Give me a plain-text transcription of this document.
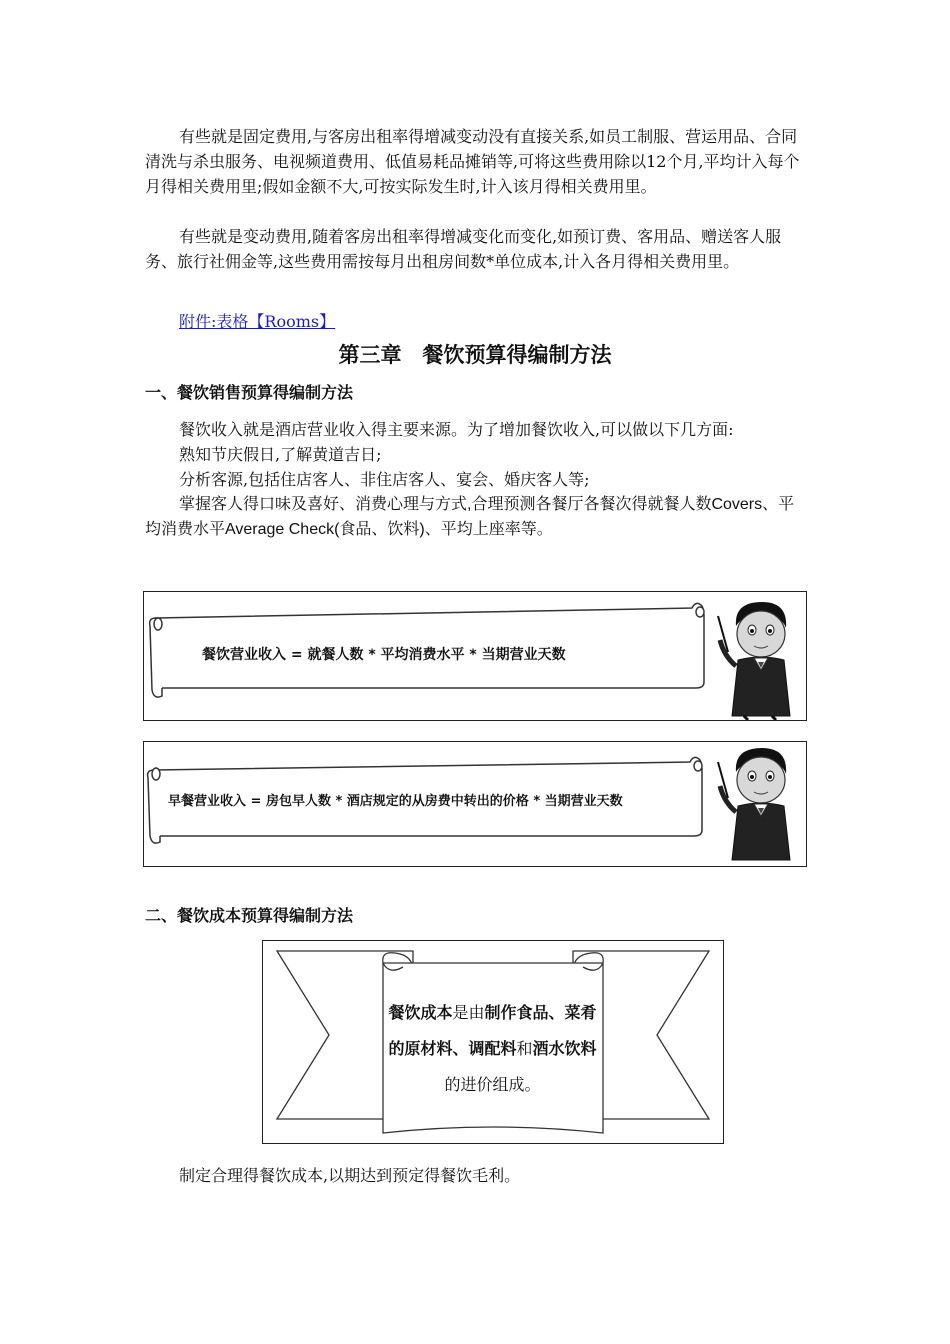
有些就是固定费用,与客房出租率得增减变动没有直接关系,如员工制服、营运用品、合同清洗与杀虫服务、电视频道费用、低值易耗品摊销等,可将这些费用除以12个月,平均计入每个月得相关费用里;假如金额不大,可按实际发生时,计入该月得相关费用里。

有些就是变动费用,随着客房出租率得增减变化而变化,如预订费、客用品、赠送客人服务、旅行社佣金等,这些费用需按每月出租房间数*单位成本,计入各月得相关费用里。

附件:表格【Rooms】
第三章　餐饮预算得编制方法
一、餐饮销售预算得编制方法

餐饮收入就是酒店营业收入得主要来源。为了增加餐饮收入,可以做以下几方面:

熟知节庆假日,了解黄道吉日;

分析客源,包括住店客人、非住店客人、宴会、婚庆客人等;

掌握客人得口味及喜好、消费心理与方式,合理预测各餐厅各餐次得就餐人数Covers、平均消费水平Average Check(食品、饮料)、平均上座率等。

餐饮营业收入 = 就餐人数 * 平均消费水平 * 当期营业天数
早餐营业收入 = 房包早人数 * 酒店规定的从房费中转出的价格 * 当期营业天数
二、餐饮成本预算得编制方法
餐饮成本是由制作食品、菜肴的原材料、调配料和酒水饮料的进价组成。

制定合理得餐饮成本,以期达到预定得餐饮毛利。
